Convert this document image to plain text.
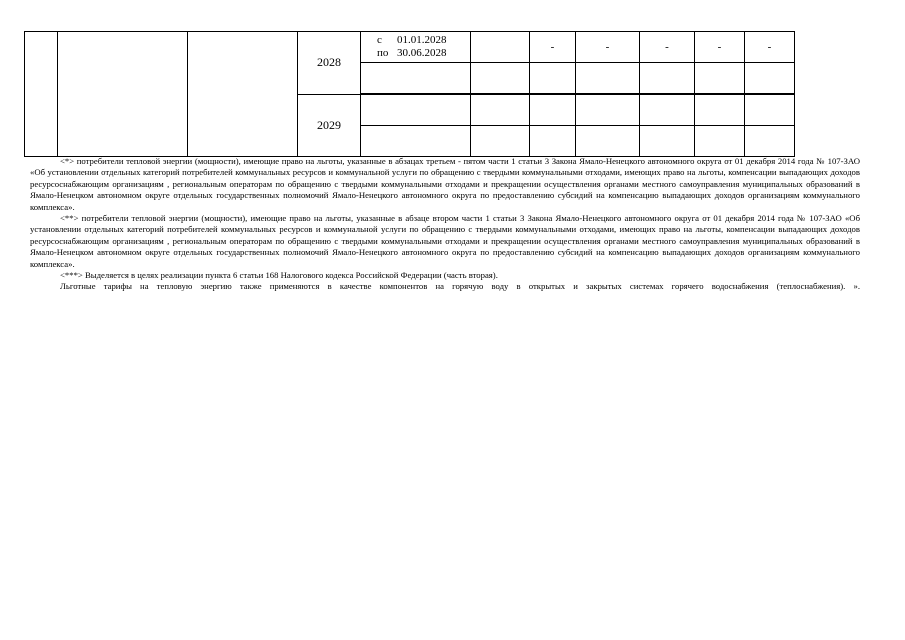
			2028	с 01.01.2028
по 30.06.2028		-	-	-	-	-

			2029							

<*> потребители тепловой энергии (мощности), имеющие право на льготы, указанные в абзацах третьем - пятом части 1 статьи 3 Закона Ямало-Ненецкого автономного округа от 01 декабря 2014 года № 107-ЗАО «Об установлении отдельных категорий потребителей коммунальных ресурсов и коммунальной услуги по обращению с твердыми коммунальными отходами, имеющих право на льготы, компенсации выпадающих доходов ресурсоснабжающим организациям , региональным операторам по обращению с твердыми коммунальными отходами и прекращении осуществления органами местного самоуправления муниципальных образований в Ямало-Ненецком автономном округе отдельных государственных полномочий Ямало-Ненецкого автономного округа по предоставлению субсидий на компенсацию выпадающих доходов организациям коммунального комплекса».

<**> потребители тепловой энергии (мощности), имеющие право на льготы, указанные в абзаце втором части 1 статьи 3 Закона Ямало-Ненецкого автономного округа от 01 декабря 2014 года № 107-ЗАО «Об установлении отдельных категорий потребителей коммунальных ресурсов и коммунальной услуги по обращению с твердыми коммунальными отходами, имеющих право на льготы, компенсации выпадающих доходов ресурсоснабжающим организациям , региональным операторам по обращению с твердыми коммунальными отходами и прекращении осуществления органами местного самоуправления муниципальных образований в Ямало-Ненецком автономном округе отдельных государственных полномочий Ямало-Ненецкого автономного округа по предоставлению субсидий на компенсацию выпадающих доходов организациям коммунального комплекса».

<***> Выделяется в целях реализации пункта 6 статьи 168 Налогового кодекса Российской Федерации (часть вторая).

Льготные тарифы на тепловую энергию также применяются в качестве компонентов на горячую воду в открытых и закрытых системах горячего водоснабжения (теплоснабжения). ».
